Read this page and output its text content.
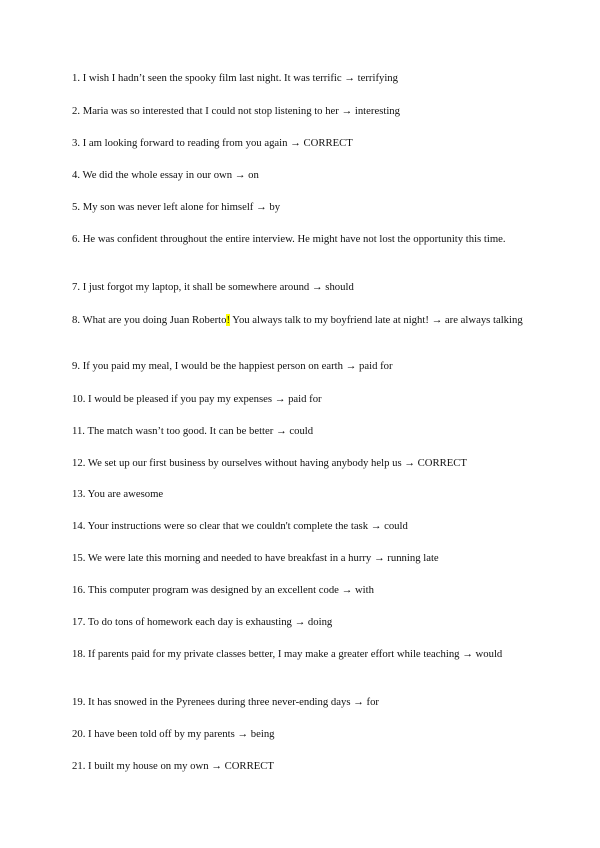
1. I wish I hadn’t seen the spooky film last night. It was terrific → terrifying
2. Maria was so interested that I could not stop listening to her → interesting
3. I am looking forward to reading from you again → CORRECT
4. We did the whole essay in our own → on
5. My son was never left alone for himself → by
6. He was confident throughout the entire interview. He might have not lost the opportunity this time.
7. I just forgot my laptop, it shall be somewhere around → should
8. What are you doing Juan Roberto! You always talk to my boyfriend late at night! → are always talking
9. If you paid my meal, I would be the happiest person on earth → paid for
10. I would be pleased if you pay my expenses → paid for
11. The match wasn’t too good. It can be better → could
12. We set up our first business by ourselves without having anybody help us → CORRECT
13. You are awesome
14. Your instructions were so clear that we couldn't complete the task → could
15. We were late this morning and needed to have breakfast in a hurry → running late
16. This computer program was designed by an excellent code → with
17. To do tons of homework each day is exhausting → doing
18. If parents paid for my private classes better, I may make a greater effort while teaching → would
19. It has snowed in the Pyrenees during three never-ending days → for
20. I have been told off by my parents → being
21. I built my house on my own → CORRECT
